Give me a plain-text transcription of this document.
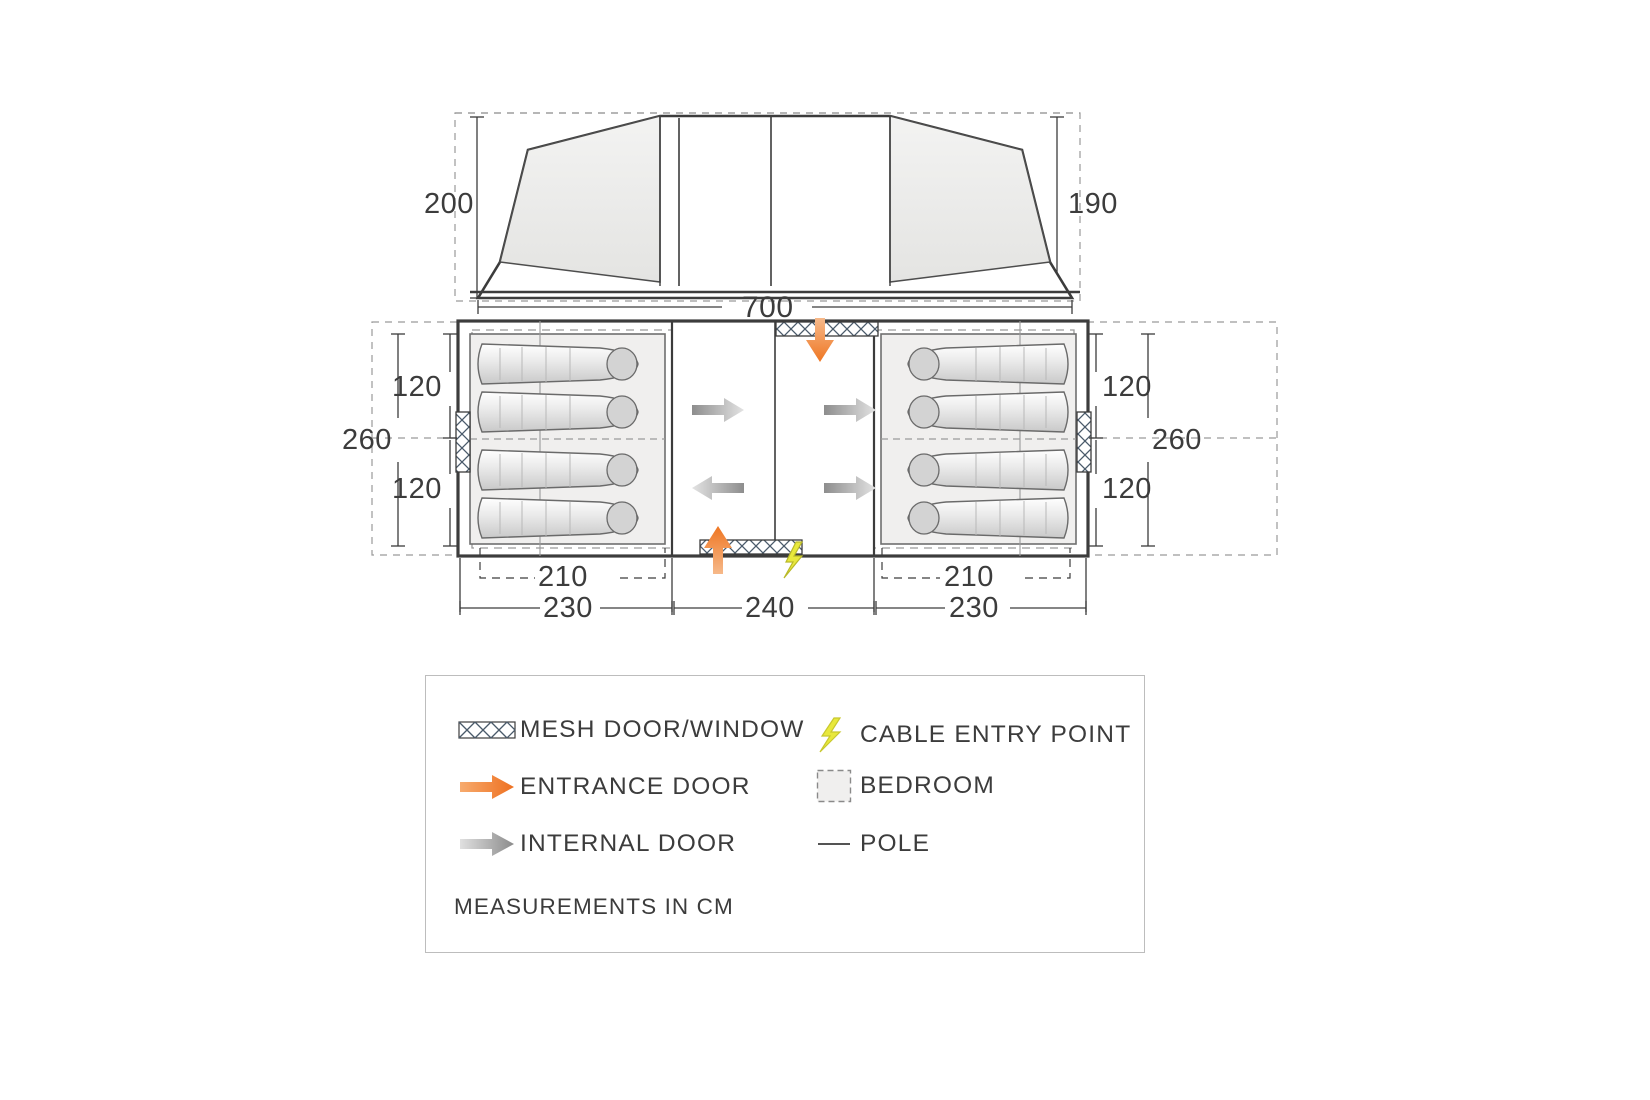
200	190
700
120
120
260
120
120
260
210
230	240
210
230
MESH DOOR/WINDOW CABLE ENTRY POINT
ENTRANCE DOOR	BEDROOM
INTERNAL DOOR	POLE
MEASUREMENTS IN CM
